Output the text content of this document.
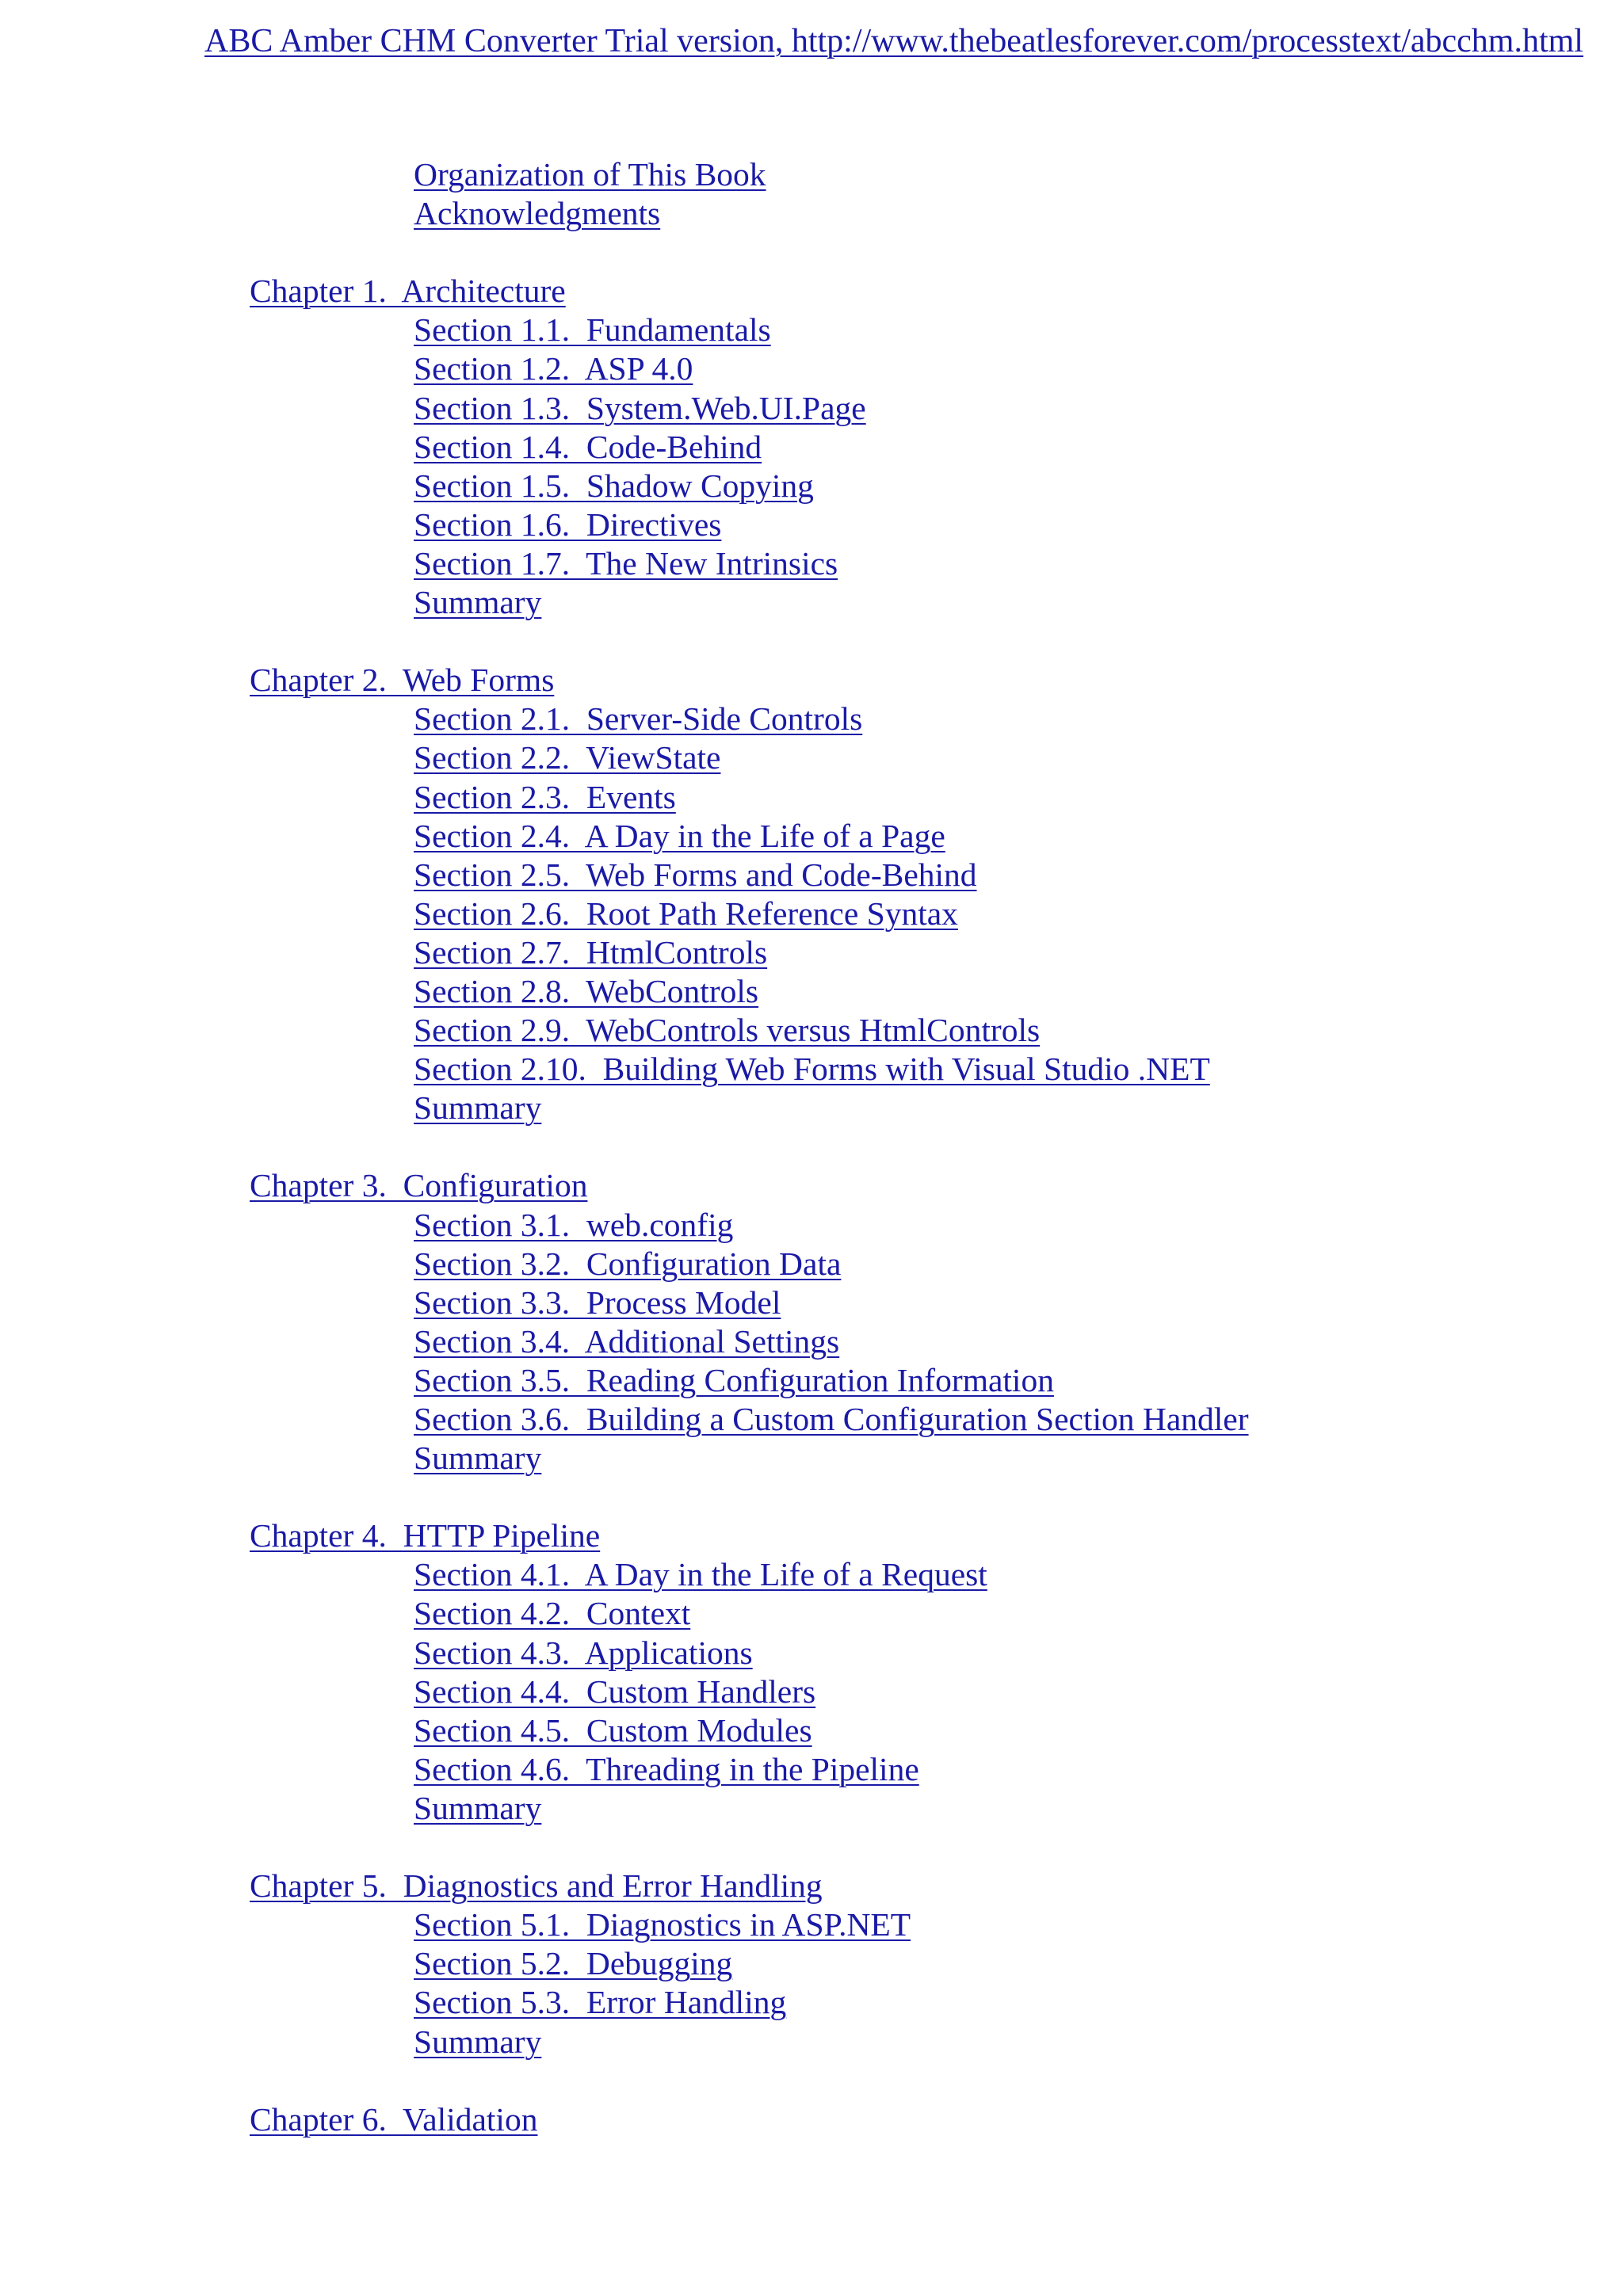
ABC Amber CHM Converter Trial version, http://www.thebeatlesforever.com/processtext/abcchm.html
Organization of This Book
Acknowledgments
Chapter 1.  Architecture
Section 1.1.  Fundamentals
Section 1.2.  ASP 4.0
Section 1.3.  System.Web.UI.Page
Section 1.4.  Code-Behind
Section 1.5.  Shadow Copying
Section 1.6.  Directives
Section 1.7.  The New Intrinsics
Summary
Chapter 2.  Web Forms
Section 2.1.  Server-Side Controls
Section 2.2.  ViewState
Section 2.3.  Events
Section 2.4.  A Day in the Life of a Page
Section 2.5.  Web Forms and Code-Behind
Section 2.6.  Root Path Reference Syntax
Section 2.7.  HtmlControls
Section 2.8.  WebControls
Section 2.9.  WebControls versus HtmlControls
Section 2.10.  Building Web Forms with Visual Studio .NET
Summary
Chapter 3.  Configuration
Section 3.1.  web.config
Section 3.2.  Configuration Data
Section 3.3.  Process Model
Section 3.4.  Additional Settings
Section 3.5.  Reading Configuration Information
Section 3.6.  Building a Custom Configuration Section Handler
Summary
Chapter 4.  HTTP Pipeline
Section 4.1.  A Day in the Life of a Request
Section 4.2.  Context
Section 4.3.  Applications
Section 4.4.  Custom Handlers
Section 4.5.  Custom Modules
Section 4.6.  Threading in the Pipeline
Summary
Chapter 5.  Diagnostics and Error Handling
Section 5.1.  Diagnostics in ASP.NET
Section 5.2.  Debugging
Section 5.3.  Error Handling
Summary
Chapter 6.  Validation
